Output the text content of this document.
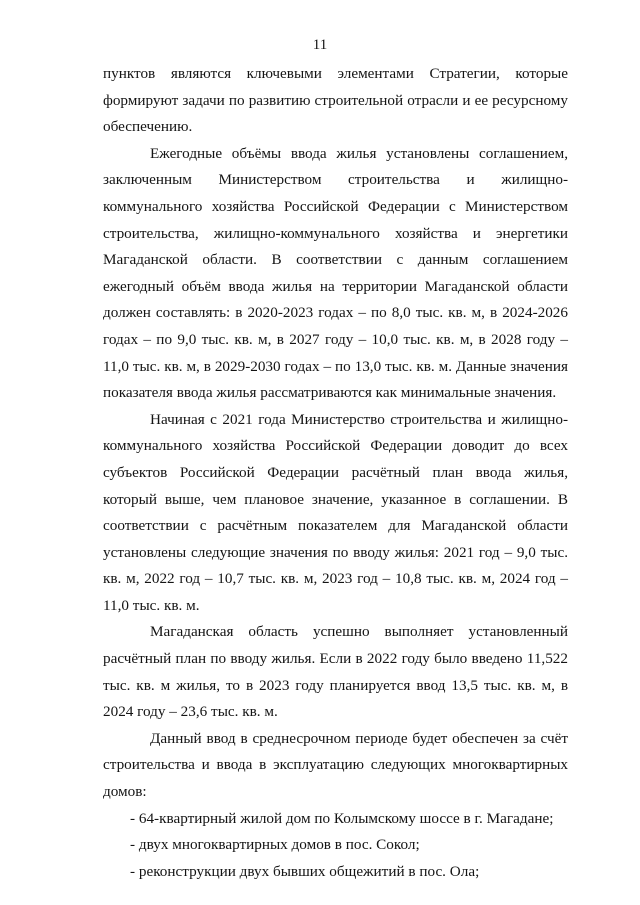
11

пунктов являются ключевыми элементами Стратегии, которые формируют задачи по развитию строительной отрасли и ее ресурсному обеспечению.

Ежегодные объёмы ввода жилья установлены соглашением, заключенным Министерством строительства и жилищно-коммунального хозяйства Российской Федерации с Министерством строительства, жилищно-коммунального хозяйства и энергетики Магаданской области. В соответствии с данным соглашением ежегодный объём ввода жилья на территории Магаданской области должен составлять: в 2020-2023 годах – по 8,0 тыс. кв. м, в 2024-2026 годах – по 9,0 тыс. кв. м, в 2027 году – 10,0 тыс. кв. м, в 2028 году – 11,0 тыс. кв. м, в 2029-2030 годах – по 13,0 тыс. кв. м. Данные значения показателя ввода жилья рассматриваются как минимальные значения.

Начиная с 2021 года Министерство строительства и жилищно-коммунального хозяйства Российской Федерации доводит до всех субъектов Российской Федерации расчётный план ввода жилья, который выше, чем плановое значение, указанное в соглашении. В соответствии с расчётным показателем для Магаданской области установлены следующие значения по вводу жилья: 2021 год – 9,0 тыс. кв. м, 2022 год – 10,7 тыс. кв. м, 2023 год – 10,8 тыс. кв. м, 2024 год – 11,0 тыс. кв. м.

Магаданская область успешно выполняет установленный расчётный план по вводу жилья. Если в 2022 году было введено 11,522 тыс. кв. м жилья, то в 2023 году планируется ввод 13,5 тыс. кв. м, в 2024 году – 23,6 тыс. кв. м.

Данный ввод в среднесрочном периоде будет обеспечен за счёт строительства и ввода в эксплуатацию следующих многоквартирных домов:

- 64-квартирный жилой дом по Колымскому шоссе в г. Магадане;

- двух многоквартирных домов в пос. Сокол;

- реконструкции двух бывших общежитий в пос. Ола;
